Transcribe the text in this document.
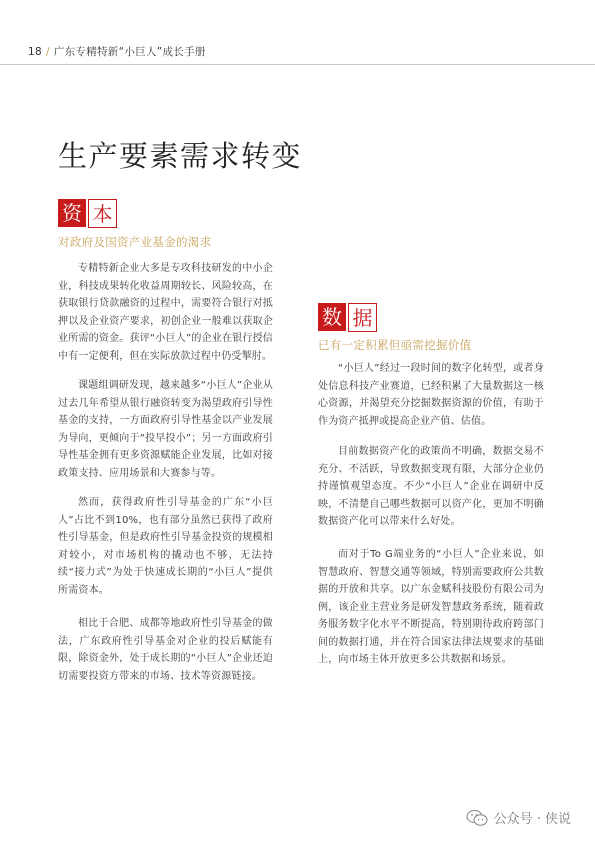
18 / 广东专精特新“小巨人”成长手册
生产要素需求转变
资 本
对政府及国资产业基金的渴求

专精特新企业大多是专攻科技研发的中小企业，科技成果转化收益周期较长、风险较高，在获取银行贷款融资的过程中，需要符合银行对抵押以及企业资产要求，初创企业一般难以获取企业所需的资金。获评“小巨人”的企业在银行授信中有一定便利，但在实际放款过程中仍受掣肘。

课题组调研发现，越来越多“小巨人”企业从过去几年希望从银行融资转变为渴望政府引导性基金的支持，一方面政府引导性基金以产业发展为导向，更倾向于“投早投小”；另一方面政府引导性基金拥有更多资源赋能企业发展，比如对接政策支持、应用场景和大赛参与等。

然而，获得政府性引导基金的广东“小巨人”占比不到10%，也有部分虽然已获得了政府性引导基金，但是政府性引导基金投资的规模相对较小，对市场机构的撬动也不够，无法持续“接力式”为处于快速成长期的“小巨人”提供所需资本。

相比于合肥、成都等地政府性引导基金的做法，广东政府性引导基金对企业的投后赋能有限，除资金外，处于成长期的“小巨人”企业还迫切需要投资方带来的市场、技术等资源链接。

数 据
已有一定积累但亟需挖掘价值

“小巨人”经过一段时间的数字化转型，或者身处信息科技产业赛道，已经积累了大量数据这一核心资源，并渴望充分挖掘数据资源的价值，有助于作为资产抵押或提高企业产值、估值。

目前数据资产化的政策尚不明确，数据交易不充分、不活跃，导致数据变现有限，大部分企业仍持谨慎观望态度。不少“小巨人”企业在调研中反映，不清楚自己哪些数据可以资产化，更加不明确数据资产化可以带来什么好处。

而对于To G端业务的“小巨人”企业来说，如智慧政府、智慧交通等领域，特别需要政府公共数据的开放和共享。以广东金赋科技股份有限公司为例，该企业主营业务是研发智慧政务系统，随着政务服务数字化水平不断提高，特别期待政府跨部门间的数据打通，并在符合国家法律法规要求的基础上，向市场主体开放更多公共数据和场景。

公众号 · 侠说
